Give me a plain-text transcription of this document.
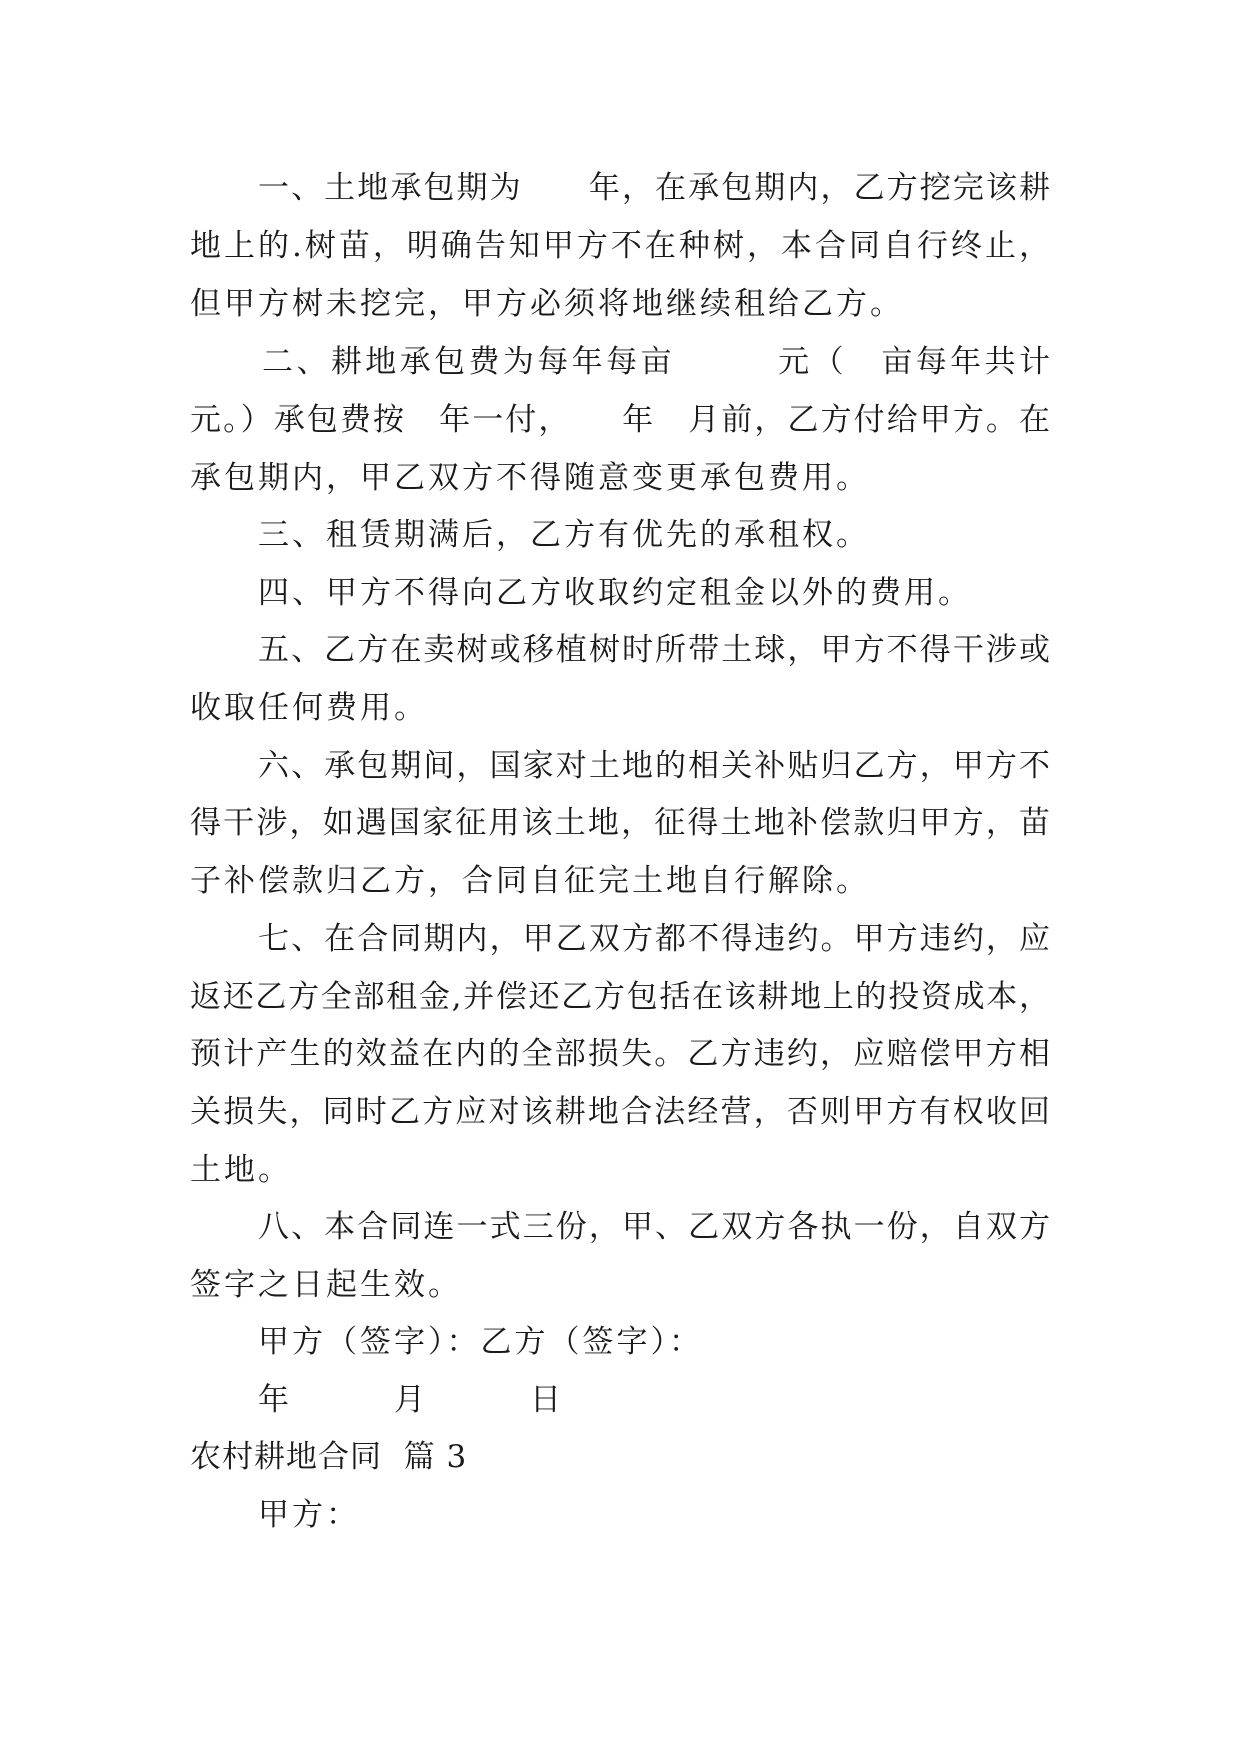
一、土地承包期为　　年，在承包期内，乙方挖完该耕
地上的.树苗，明确告知甲方不在种树，本合同自行终止，
但甲方树未挖完，甲方必须将地继续租给乙方。
二、耕地承包费为每年每亩　　　元（　亩每年共计
元。）承包费按　年一付，　　年　月前，乙方付给甲方。在
承包期内，甲乙双方不得随意变更承包费用。
三、租赁期满后，乙方有优先的承租权。
四、甲方不得向乙方收取约定租金以外的费用。
五、乙方在卖树或移植树时所带土球，甲方不得干涉或
收取任何费用。
六、承包期间，国家对土地的相关补贴归乙方，甲方不
得干涉，如遇国家征用该土地，征得土地补偿款归甲方，苗
子补偿款归乙方，合同自征完土地自行解除。
七、在合同期内，甲乙双方都不得违约。甲方违约，应
返还乙方全部租金,并偿还乙方包括在该耕地上的投资成本，
预计产生的效益在内的全部损失。乙方违约，应赔偿甲方相
关损失，同时乙方应对该耕地合法经营，否则甲方有权收回
土地。
八、本合同连一式三份，甲、乙双方各执一份，自双方
签字之日起生效。
甲方（签字）：乙方（签字）：
年　　　月　　　日
农村耕地合同  篇 3
甲方：
